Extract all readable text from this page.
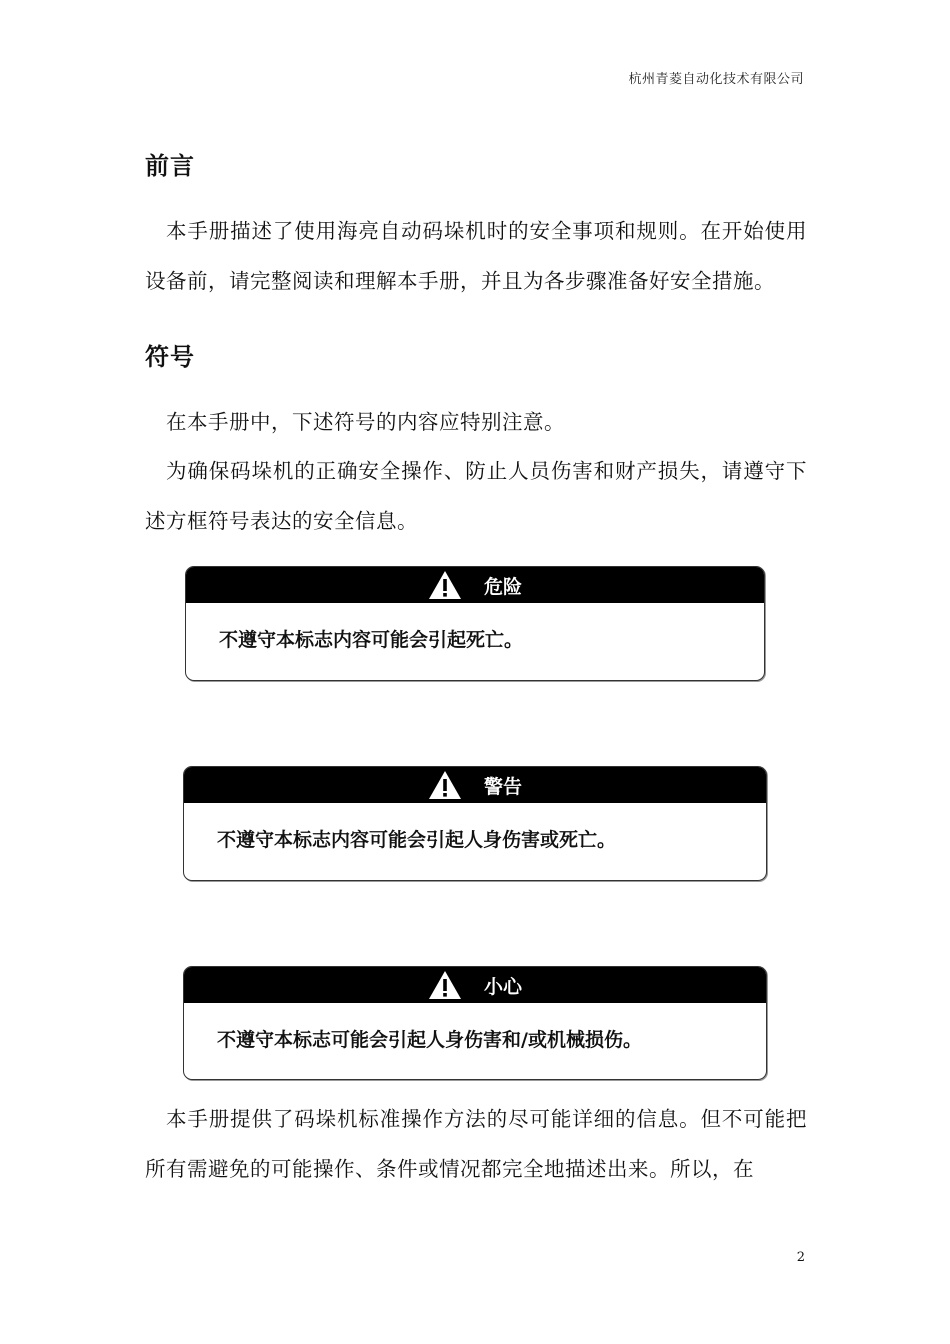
杭州青菱自动化技术有限公司
前言
本手册描述了使用海亮自动码垛机时的安全事项和规则。在开始使用设备前，请完整阅读和理解本手册，并且为各步骤准备好安全措施。
符号
在本手册中，下述符号的内容应特别注意。
为确保码垛机的正确安全操作、防止人员伤害和财产损失，请遵守下述方框符号表达的安全信息。
危险
不遵守本标志内容可能会引起死亡。
警告
不遵守本标志内容可能会引起人身伤害或死亡。
小心
不遵守本标志可能会引起人身伤害和/或机械损伤。
本手册提供了码垛机标准操作方法的尽可能详细的信息。但不可能把所有需避免的可能操作、条件或情况都完全地描述出来。所以，在
2
